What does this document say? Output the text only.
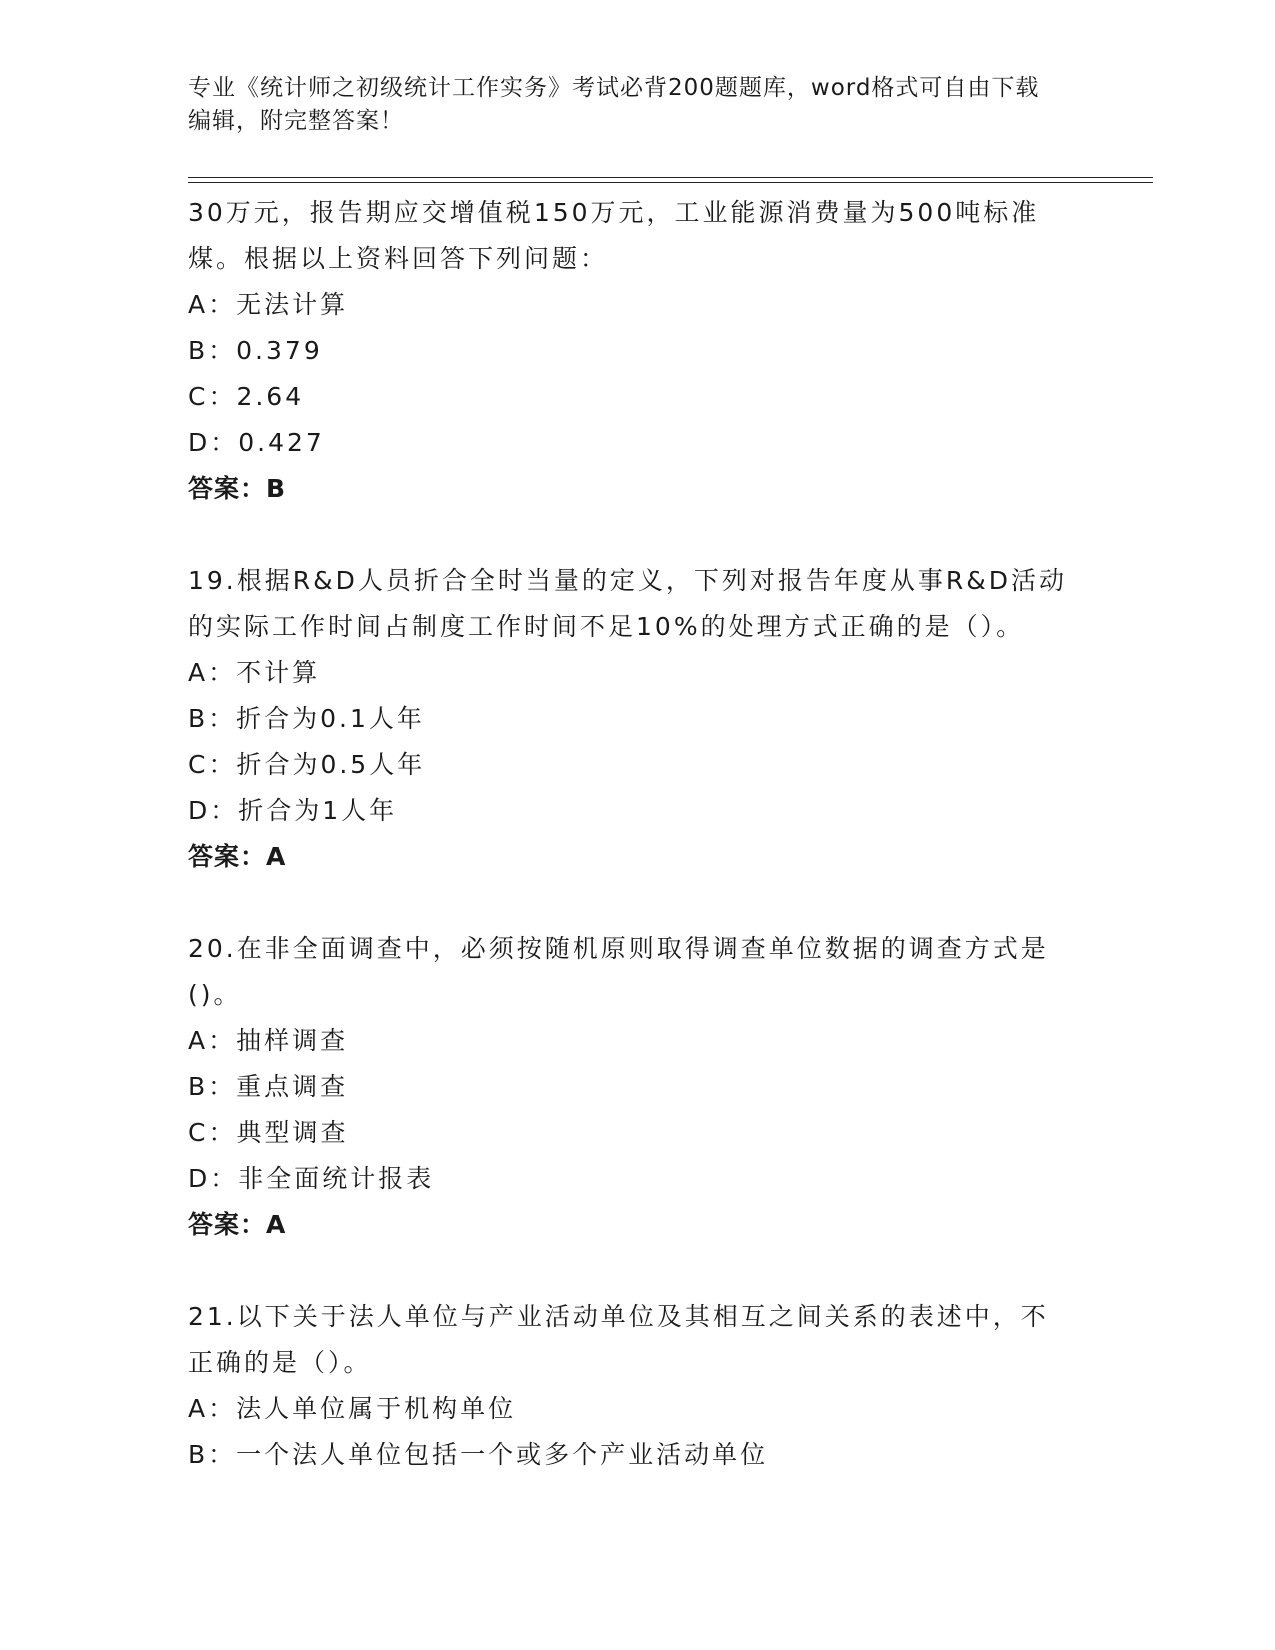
专业《统计师之初级统计工作实务》考试必背200题题库，word格式可自由下载
编辑，附完整答案！
30万元，报告期应交增值税150万元，工业能源消费量为500吨标准
煤。根据以上资料回答下列问题：
A：无法计算
B：0.379
C：2.64
D：0.427
答案：B
19.根据R&D人员折合全时当量的定义，下列对报告年度从事R&D活动
的实际工作时间占制度工作时间不足10%的处理方式正确的是（）。
A：不计算
B：折合为0.1人年
C：折合为0.5人年
D：折合为1人年
答案：A
20.在非全面调查中，必须按随机原则取得调查单位数据的调查方式是
()。
A：抽样调查
B：重点调查
C：典型调查
D：非全面统计报表
答案：A
21.以下关于法人单位与产业活动单位及其相互之间关系的表述中，不
正确的是（）。
A：法人单位属于机构单位
B：一个法人单位包括一个或多个产业活动单位
